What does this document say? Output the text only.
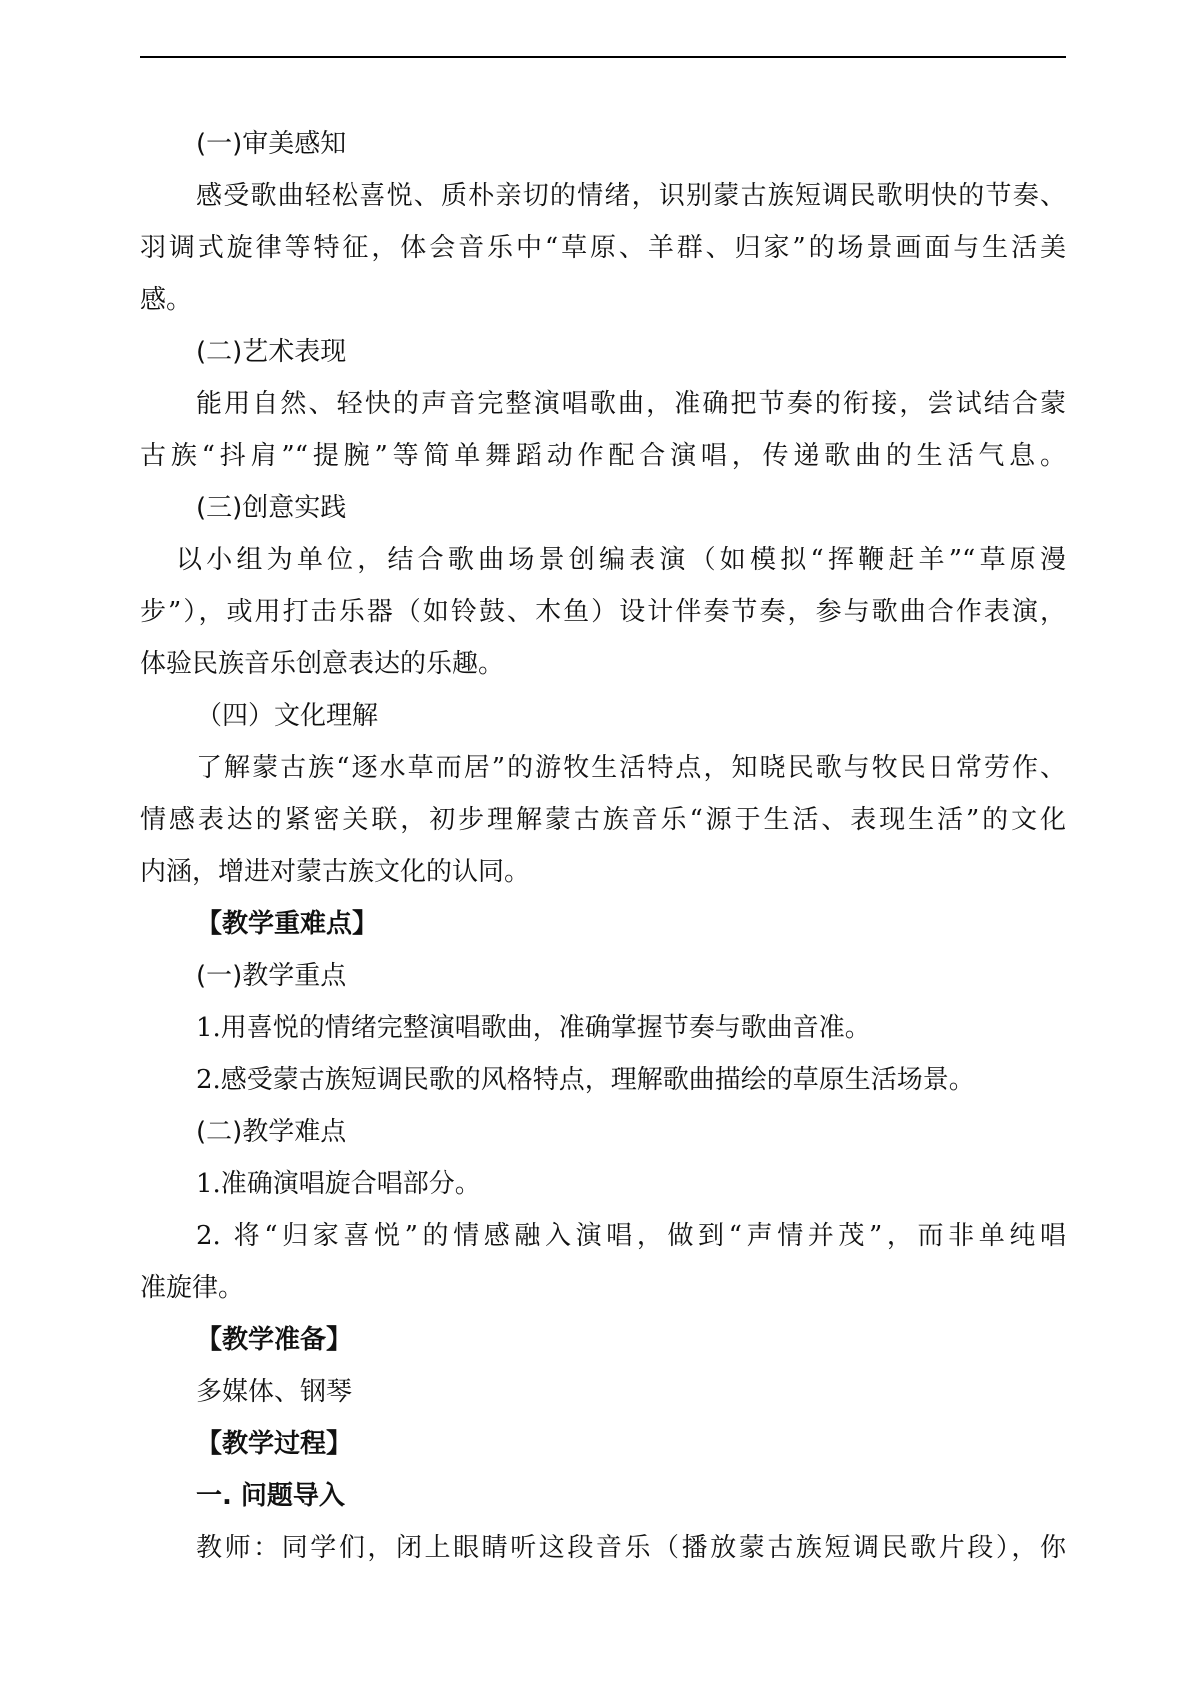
(一)审美感知

感受歌曲轻松喜悦、质朴亲切的情绪，识别蒙古族短调民歌明快的节奏、

羽调式旋律等特征，体会音乐中“草原、羊群、归家”的场景画面与生活美

感。

(二)艺术表现

能用自然、轻快的声音完整演唱歌曲，准确把节奏的衔接，尝试结合蒙

古族“抖肩”“提腕”等简单舞蹈动作配合演唱，传递歌曲的生活气息。

(三)创意实践

以小组为单位，结合歌曲场景创编表演（如模拟“挥鞭赶羊”“草原漫

步”），或用打击乐器（如铃鼓、木鱼）设计伴奏节奏，参与歌曲合作表演，

体验民族音乐创意表达的乐趣。

（四）文化理解

了解蒙古族“逐水草而居”的游牧生活特点，知晓民歌与牧民日常劳作、

情感表达的紧密关联，初步理解蒙古族音乐“源于生活、表现生活”的文化

内涵，增进对蒙古族文化的认同。

【教学重难点】

(一)教学重点

1.用喜悦的情绪完整演唱歌曲，准确掌握节奏与歌曲音准。

2.感受蒙古族短调民歌的风格特点，理解歌曲描绘的草原生活场景。

(二)教学难点

1.准确演唱旋合唱部分。

2. 将“归家喜悦”的情感融入演唱，做到“声情并茂”，而非单纯唱

准旋律。

【教学准备】

多媒体、钢琴

【教学过程】

一. 问题导入

教师：同学们，闭上眼睛听这段音乐（播放蒙古族短调民歌片段），你
